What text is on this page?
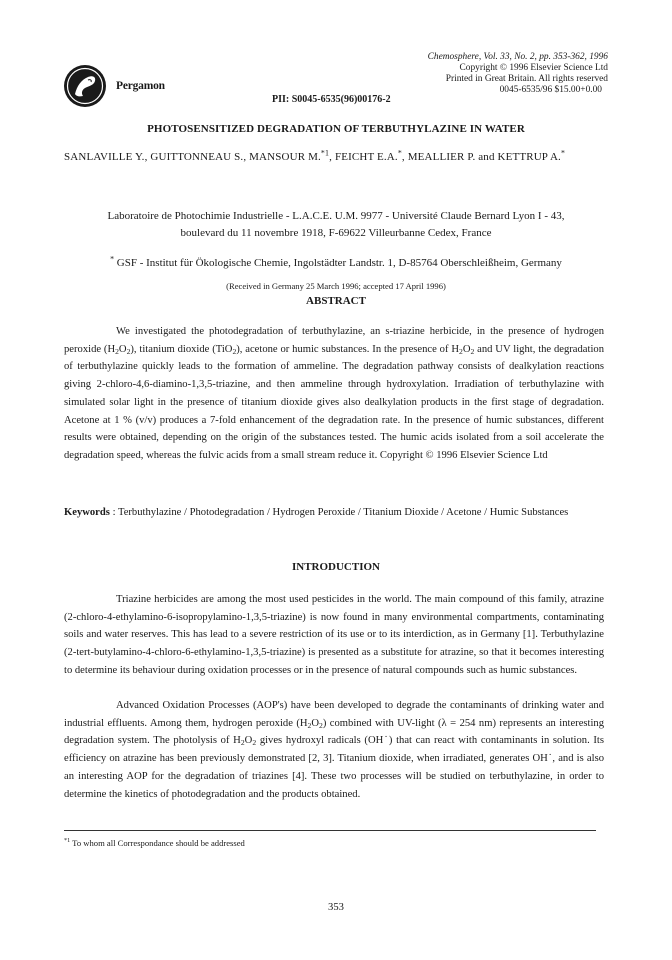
Pergamon
PII: S0045-6535(96)00176-2
Chemosphere, Vol. 33, No. 2, pp. 353-362, 1996
Copyright © 1996 Elsevier Science Ltd
Printed in Great Britain. All rights reserved
0045-6535/96 $15.00+0.00
PHOTOSENSITIZED DEGRADATION OF TERBUTHYLAZINE IN WATER
SANLAVILLE Y., GUITTONNEAU S., MANSOUR M.$^{*1}$, FEICHT E.A.*, MEALLIER P. and KETTRUP A.*
Laboratoire de Photochimie Industrielle - L.A.C.E. U.M. 9977 - Université Claude Bernard Lyon I - 43,
boulevard du 11 novembre 1918, F-69622 Villeurbanne Cedex, France
* GSF - Institut für Ökologische Chemie, Ingolstädter Landstr. 1, D-85764 Oberschleißheim, Germany
(Received in Germany 25 March 1996; accepted 17 April 1996)
ABSTRACT
We investigated the photodegradation of terbuthylazine, an s-triazine herbicide, in the presence of hydrogen peroxide $(H_2O_2)$, titanium dioxide (TiO$_2$), acetone or humic substances. In the presence of $H_2O_2$ and UV light, the degradation of terbuthylazine quickly leads to the formation of ammeline. The degradation pathway consists of dealkylation reactions giving 2-chloro-4,6-diamino-1,3,5-triazine, and then ammeline through hydroxylation. Irradiation of terbuthylazine with simulated solar light in the presence of titanium dioxide gives also dealkylation products in the first stage of degradation. Acetone at 1 % (v/v) produces a 7-fold enhancement of the degradation rate. In the presence of humic substances, different results were obtained, depending on the origin of the substances tested. The humic acids isolated from a soil accelerate the degradation speed, whereas the fulvic acids from a small stream reduce it. Copyright © 1996 Elsevier Science Ltd
Keywords : Terbuthylazine / Photodegradation / Hydrogen Peroxide / Titanium Dioxide / Acetone / Humic Substances
INTRODUCTION
Triazine herbicides are among the most used pesticides in the world. The main compound of this family, atrazine (2-chloro-4-ethylamino-6-isopropylamino-1,3,5-triazine) is now found in many environmental compartments, contaminating soils and water reserves. This has lead to a severe restriction of its use or to its interdiction, as in Germany [1]. Terbuthylazine (2-tert-butylamino-4-chloro-6-ethylamino-1,3,5-triazine) is presented as a substitute for atrazine, so that it becomes interesting to determine its behaviour during oxidation processes or in the presence of natural compounds such as humic substances.
Advanced Oxidation Processes (AOP's) have been developed to degrade the contaminants of drinking water and industrial effluents. Among them, hydrogen peroxide $(H_2O_2)$ combined with UV-light (λ = 254 nm) represents an interesting degradation system. The photolysis of $H_2O_2$ gives hydroxyl radicals (OH˙) that can react with contaminants in solution. Its efficiency on atrazine has been previously demonstrated [2, 3]. Titanium dioxide, when irradiated, generates OH˙, and is also an interesting AOP for the degradation of triazines [4]. These two processes will be studied on terbuthylazine, in order to determine the kinetics of photodegradation and the products obtained.
$^{*1}$ To whom all Correspondance should be addressed
353
